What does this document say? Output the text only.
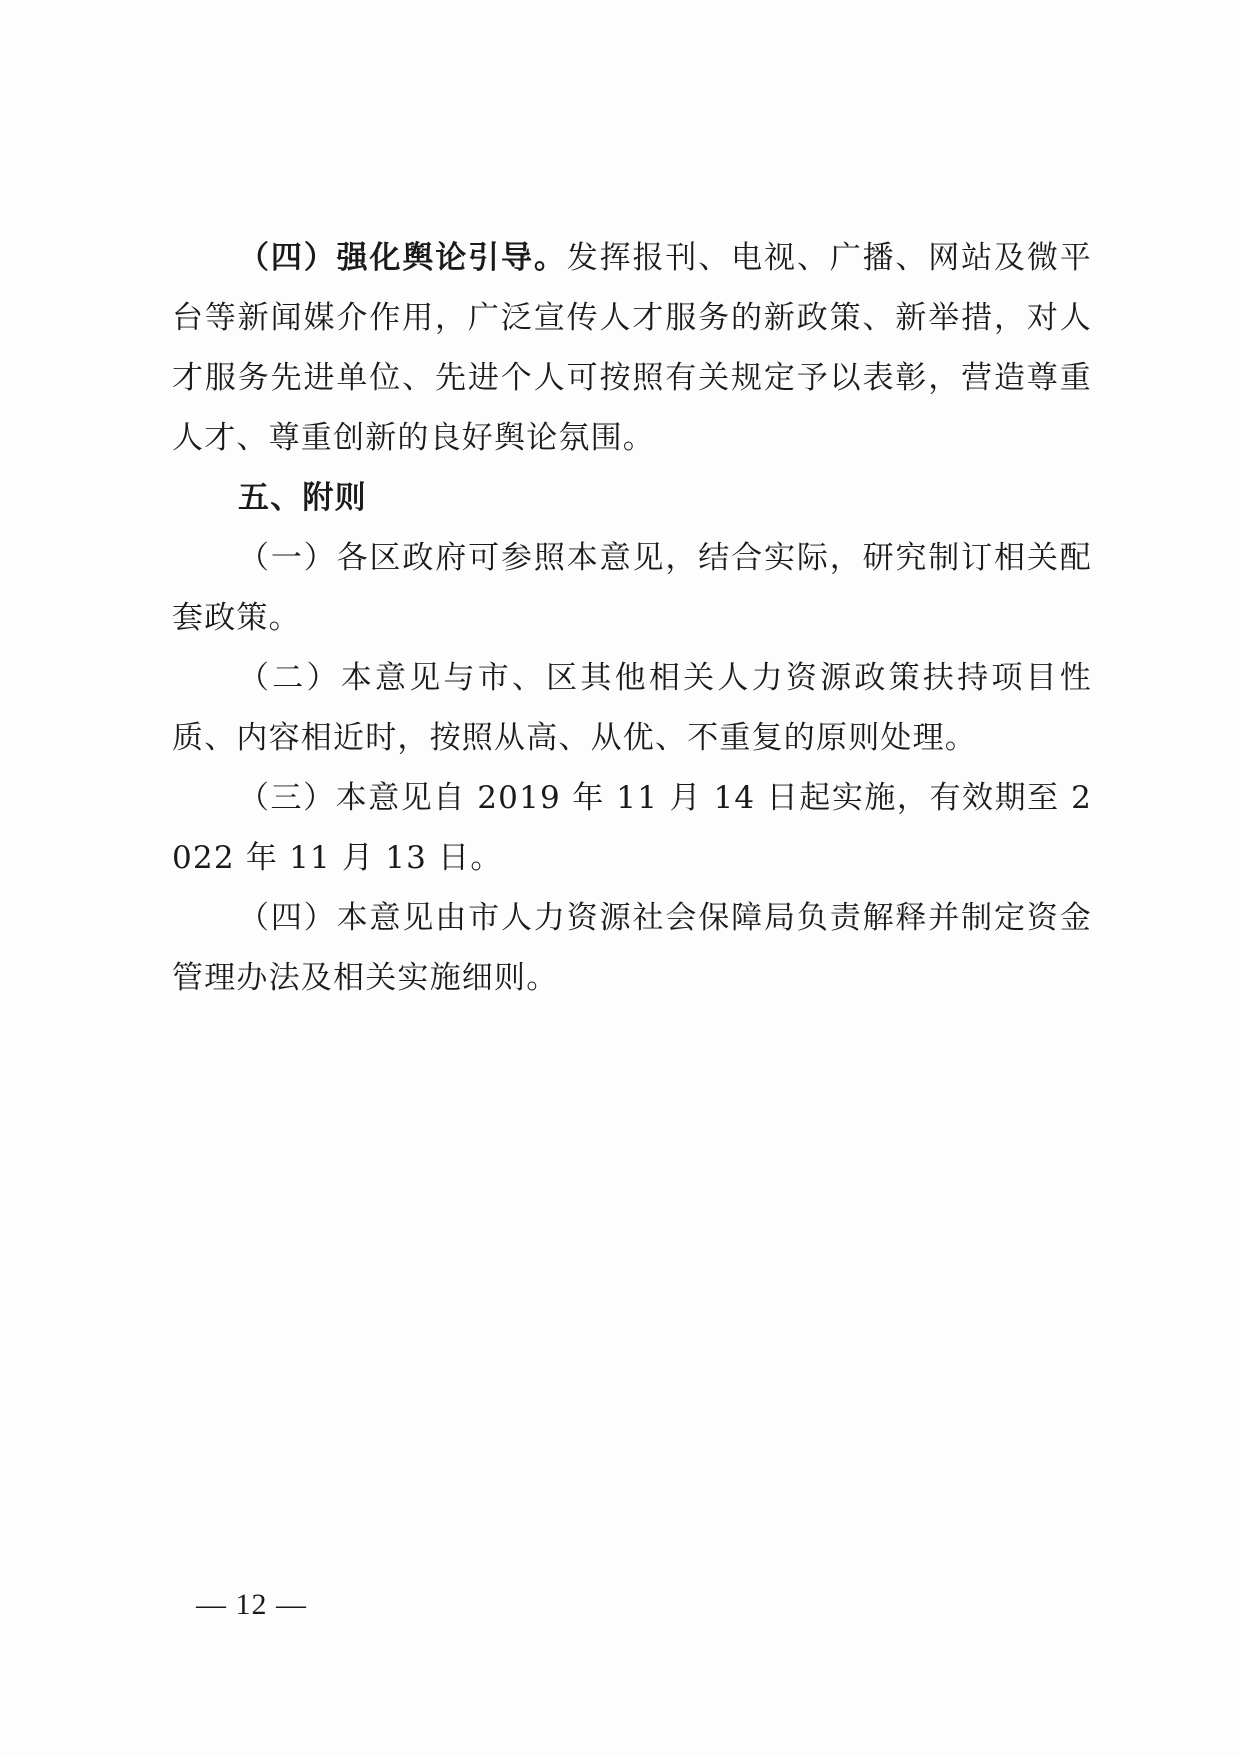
（四）强化舆论引导。发挥报刊、电视、广播、网站及微平台等新闻媒介作用，广泛宣传人才服务的新政策、新举措，对人才服务先进单位、先进个人可按照有关规定予以表彰，营造尊重人才、尊重创新的良好舆论氛围。

五、附则

（一）各区政府可参照本意见，结合实际，研究制订相关配套政策。

（二）本意见与市、区其他相关人力资源政策扶持项目性质、内容相近时，按照从高、从优、不重复的原则处理。

（三）本意见自 2019 年 11 月 14 日起实施，有效期至 2022 年 11 月 13 日。

（四）本意见由市人力资源社会保障局负责解释并制定资金管理办法及相关实施细则。

— 12 —
